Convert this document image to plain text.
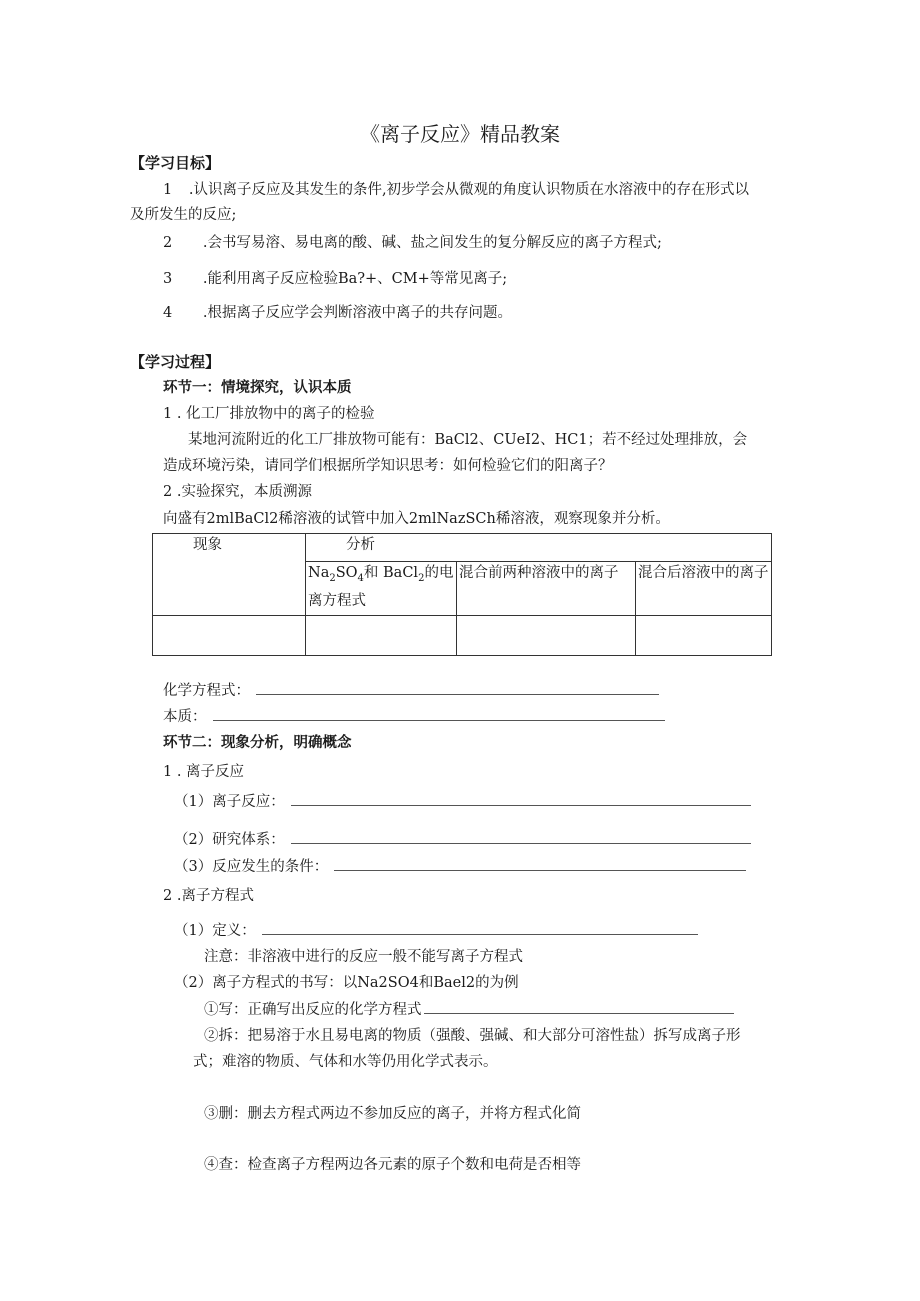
《离子反应》精品教案
【学习目标】
1 .认识离子反应及其发生的条件,初步学会从微观的角度认识物质在水溶液中的存在形式以
及所发生的反应;
2 .会书写易溶、易电离的酸、碱、盐之间发生的复分解反应的离子方程式;
3 .能利用离子反应检验Ba?+、CM+等常见离子;
4 .根据离子反应学会判断溶液中离子的共存问题。
【学习过程】
环节一：情境探究，认识本质
1 . 化工厂排放物中的离子的检验
某地河流附近的化工厂排放物可能有：BaCl2、CUeI2、HC1；若不经过处理排放，会
造成环境污染，请同学们根据所学知识思考：如何检验它们的阳离子？
2 .实验探究，本质溯源
向盛有2mlBaCl2稀溶液的试管中加入2mlNazSCh稀溶液，观察现象并分析。
现象	分析		
	$Na_2SO_4$和 BaCl$_2$的电离方程式	混合前两种溶液中的离子	混合后溶液中的离子

化学方程式：
本质：
环节二：现象分析，明确概念
1 . 离子反应
（1）离子反应：
（2）研究体系：
（3）反应发生的条件：
2 .离子方程式
（1）定义：
注意：非溶液中进行的反应一般不能写离子方程式
（2）离子方程式的书写：以Na2SO4和Bael2的为例
①写：正确写出反应的化学方程式
②拆：把易溶于水且易电离的物质（强酸、强碱、和大部分可溶性盐）拆写成离子形
式；难溶的物质、气体和水等仍用化学式表示。
③删：删去方程式两边不参加反应的离子，并将方程式化简
④查：检查离子方程两边各元素的原子个数和电荷是否相等
